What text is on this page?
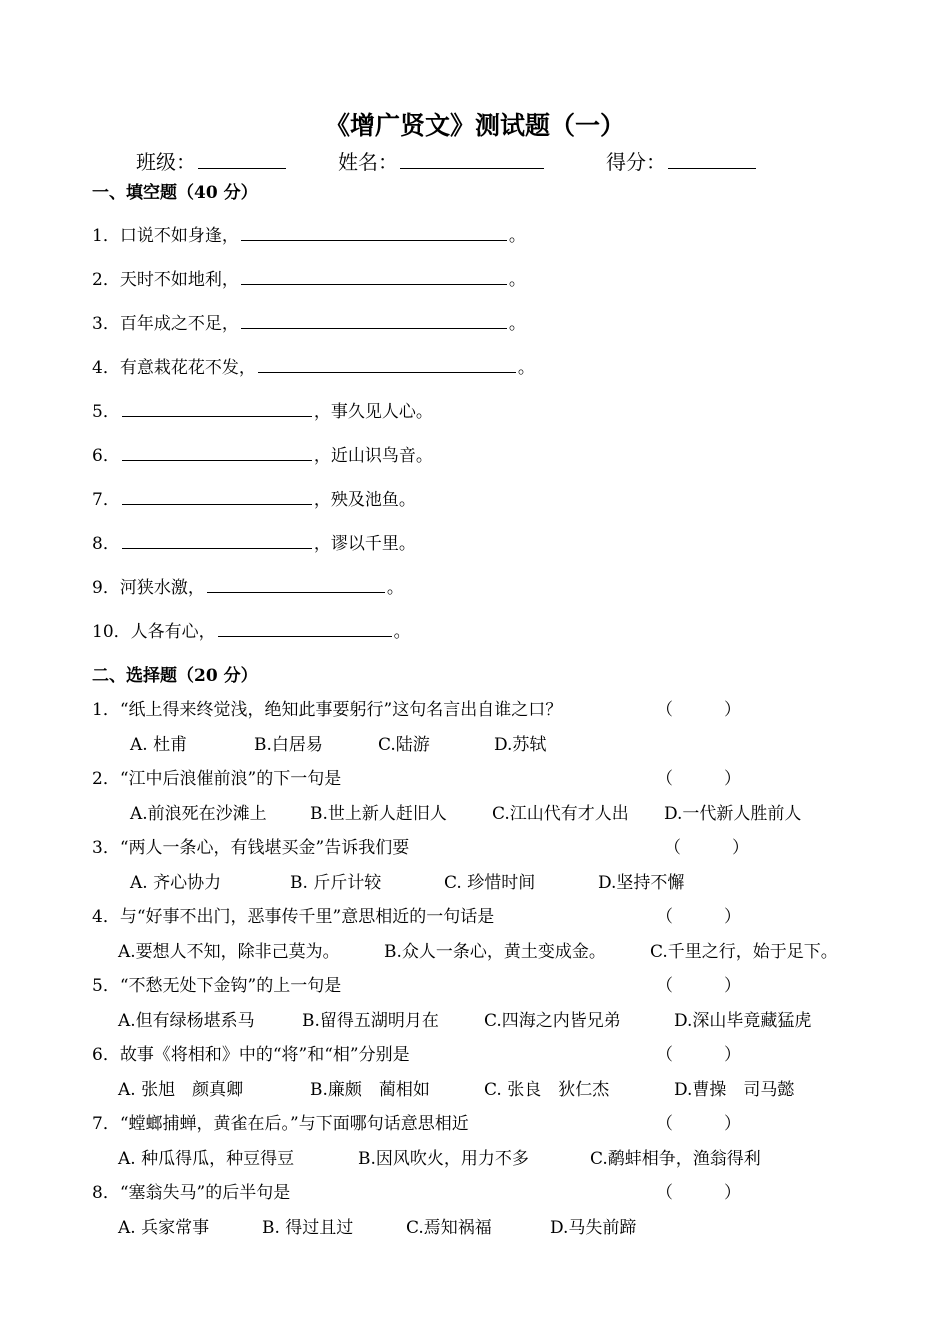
《增广贤文》测试题（一）
班级：	姓名：	得分：
一、填空题（40 分）
1．口说不如身逢，	。
2．天时不如地利，	。
3．百年成之不足，	。
4．有意栽花花不发，	。
5．	，事久见人心。
6．	，近山识鸟音。
7．	，殃及池鱼。
8．	，谬以千里。
9．河狭水激，	。
10．人各有心，	。
二、选择题（20 分）
1．“纸上得来终觉浅，绝知此事要躬行”这句名言出自谁之口？	（　　　）
A. 杜甫	B.白居易	C.陆游	D.苏轼
2．“江中后浪催前浪”的下一句是	（　　　）
A.前浪死在沙滩上	B.世上新人赶旧人	C.江山代有才人出 D.一代新人胜前人
3．“两人一条心，有钱堪买金”告诉我们要	（　　　）
A. 齐心协力	B. 斤斤计较	C. 珍惜时间	D.坚持不懈
4．与“好事不出门，恶事传千里”意思相近的一句话是	（　　　）
A.要想人不知，除非己莫为。	B.众人一条心，黄土变成金。	C.千里之行，始于足下。
5．“不愁无处下金钩”的上一句是	（　　　）
A.但有绿杨堪系马	B.留得五湖明月在	C.四海之内皆兄弟	D.深山毕竟藏猛虎
6．故事《将相和》中的“将”和“相”分别是	（　　　）
A. 张旭　颜真卿	B.廉颇　蔺相如	C. 张良　狄仁杰	D.曹操　司马懿
7．“螳螂捕蝉，黄雀在后。”与下面哪句话意思相近	（　　　）
A. 种瓜得瓜，种豆得豆	B.因风吹火，用力不多	C.鹬蚌相争，渔翁得利
8．“塞翁失马”的后半句是	（　　　）
A. 兵家常事	B. 得过且过	C.焉知祸福	D.马失前蹄
